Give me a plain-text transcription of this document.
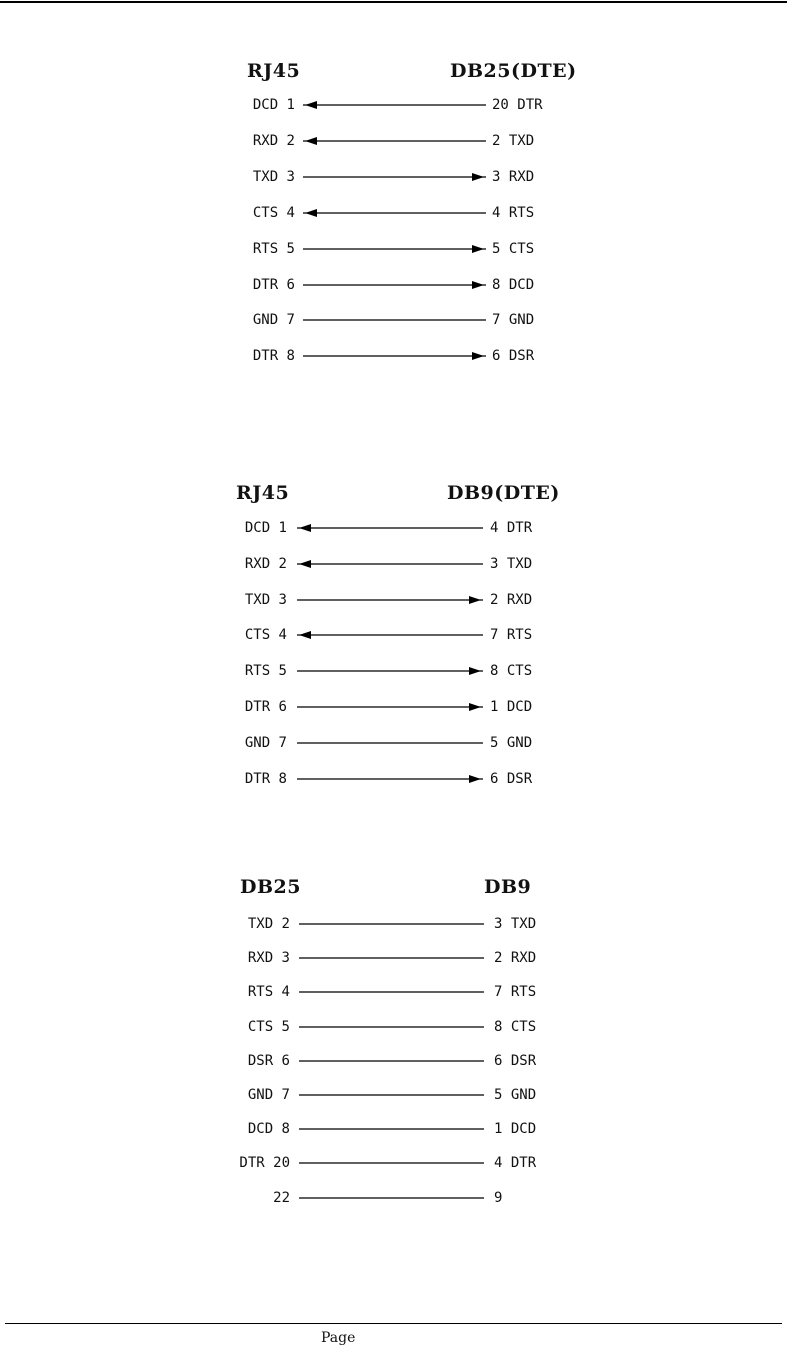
RJ45	DB25(DTE)
DCD 1	20 DTR
RXD 2	2 TXD
TXD 3	3 RXD
CTS 4	4 RTS
RTS 5	5 CTS
DTR 6	8 DCD
GND 7	7 GND
DTR 8	6 DSR
RJ45	DB9(DTE)
DCD 1	4 DTR
RXD 2	3 TXD
TXD 3	2 RXD
CTS 4	7 RTS
RTS 5	8 CTS
DTR 6	1 DCD
GND 7	5 GND
DTR 8	6 DSR
DB25	DB9
TXD 2	3 TXD
RXD 3	2 RXD
RTS 4	7 RTS
CTS 5	8 CTS
DSR 6	6 DSR
GND 7	5 GND
DCD 8	1 DCD
DTR 20	4 DTR
22	9
Page
